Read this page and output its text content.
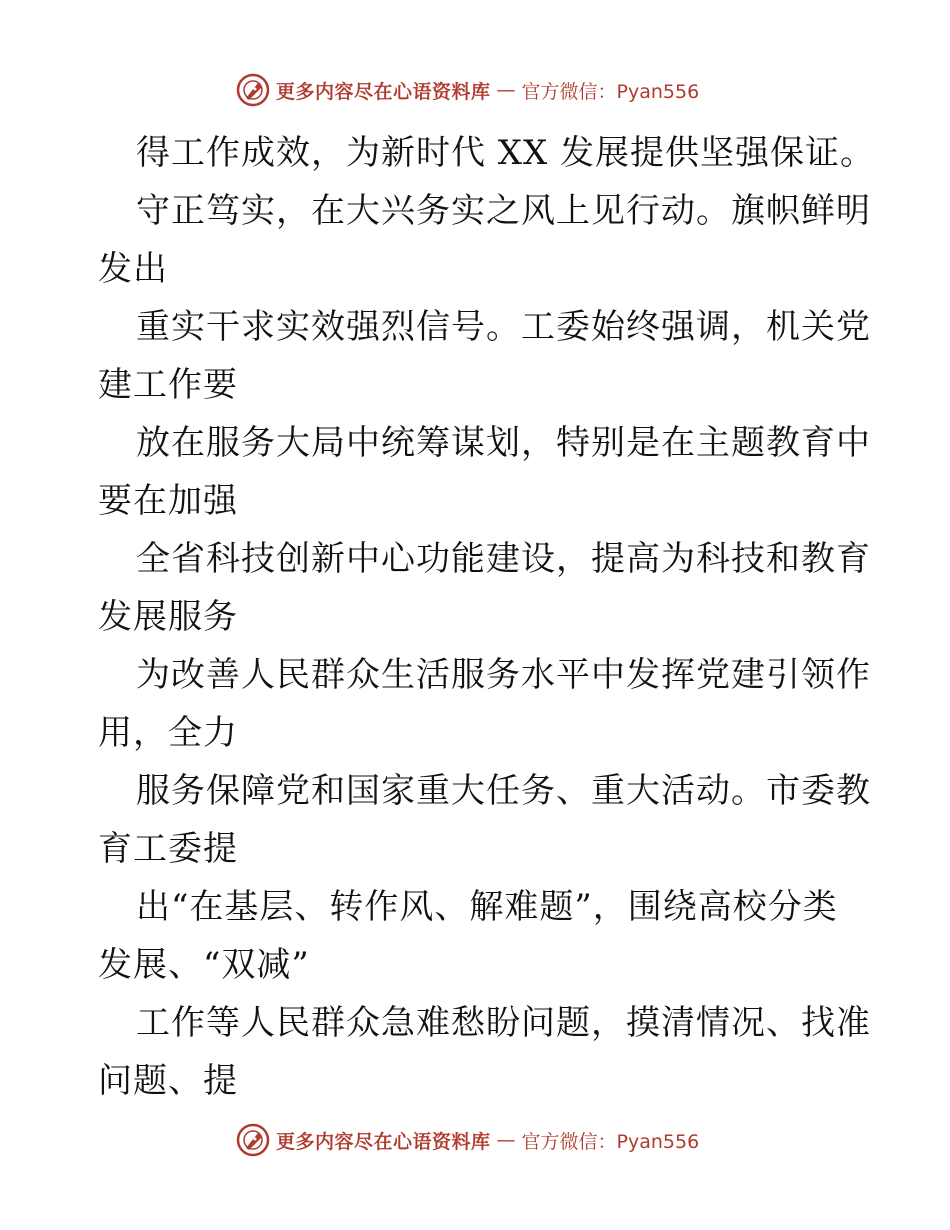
更多内容尽在心语资料库 — 官方微信：Pyan556
得工作成效，为新时代 XX 发展提供坚强保证。
守正笃实，在大兴务实之风上见行动。旗帜鲜明
发出
重实干求实效强烈信号。工委始终强调，机关党
建工作要
放在服务大局中统筹谋划，特别是在主题教育中
要在加强
全省科技创新中心功能建设，提高为科技和教育
发展服务
为改善人民群众生活服务水平中发挥党建引领作
用，全力
服务保障党和国家重大任务、重大活动。市委教
育工委提
出“在基层、转作风、解难题”，围绕高校分类
发展、“双减”
工作等人民群众急难愁盼问题，摸清情况、找准
问题、提
更多内容尽在心语资料库 — 官方微信：Pyan556
